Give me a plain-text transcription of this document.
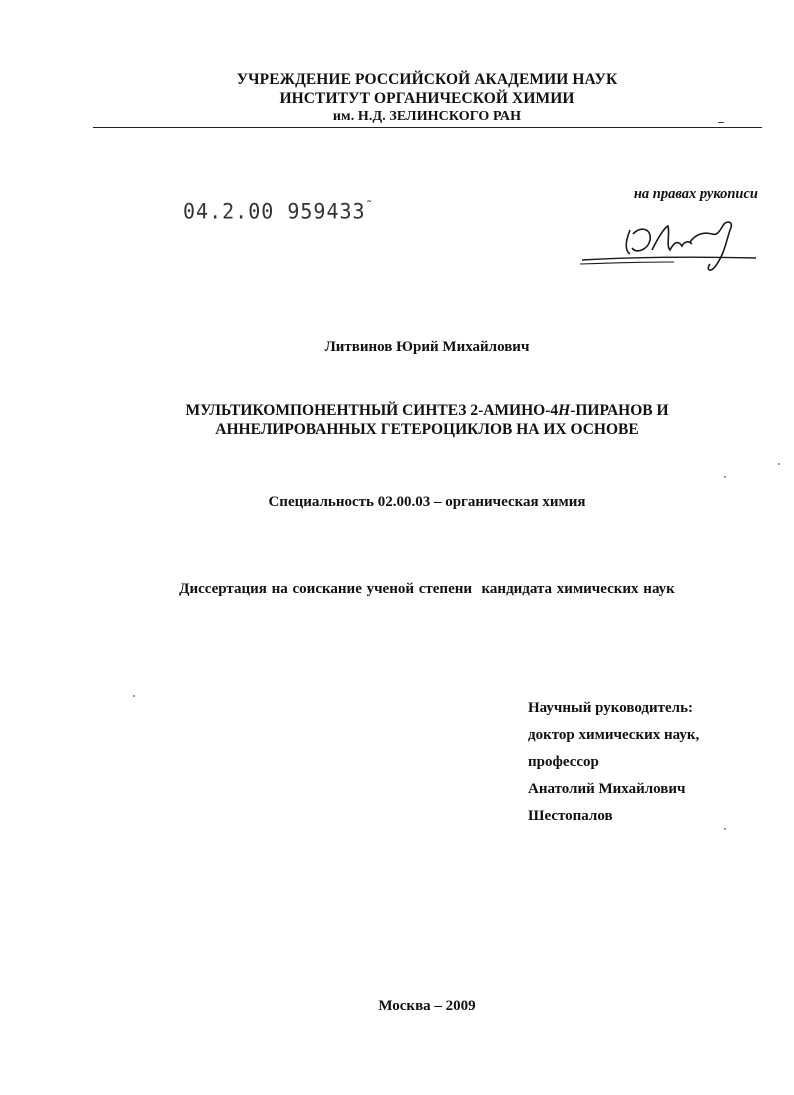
УЧРЕЖДЕНИЕ РОССИЙСКОЙ АКАДЕМИИ НАУК
ИНСТИТУТ ОРГАНИЧЕСКОЙ ХИМИИ
им. Н.Д. ЗЕЛИНСКОГО РАН
04.2.00 959433˜
на правах рукописи
Литвинов Юрий Михайлович
МУЛЬТИКОМПОНЕНТНЫЙ СИНТЕЗ 2-АМИНО-4Н-ПИРАНОВ И
АННЕЛИРОВАННЫХ ГЕТЕРОЦИКЛОВ НА ИХ ОСНОВЕ
Специальность 02.00.03 – органическая химия
Диссертация на соискание ученой степени  кандидата химических наук
Научный руководитель:
доктор химических наук,
профессор
Анатолий Михайлович
Шестопалов
Москва – 2009
